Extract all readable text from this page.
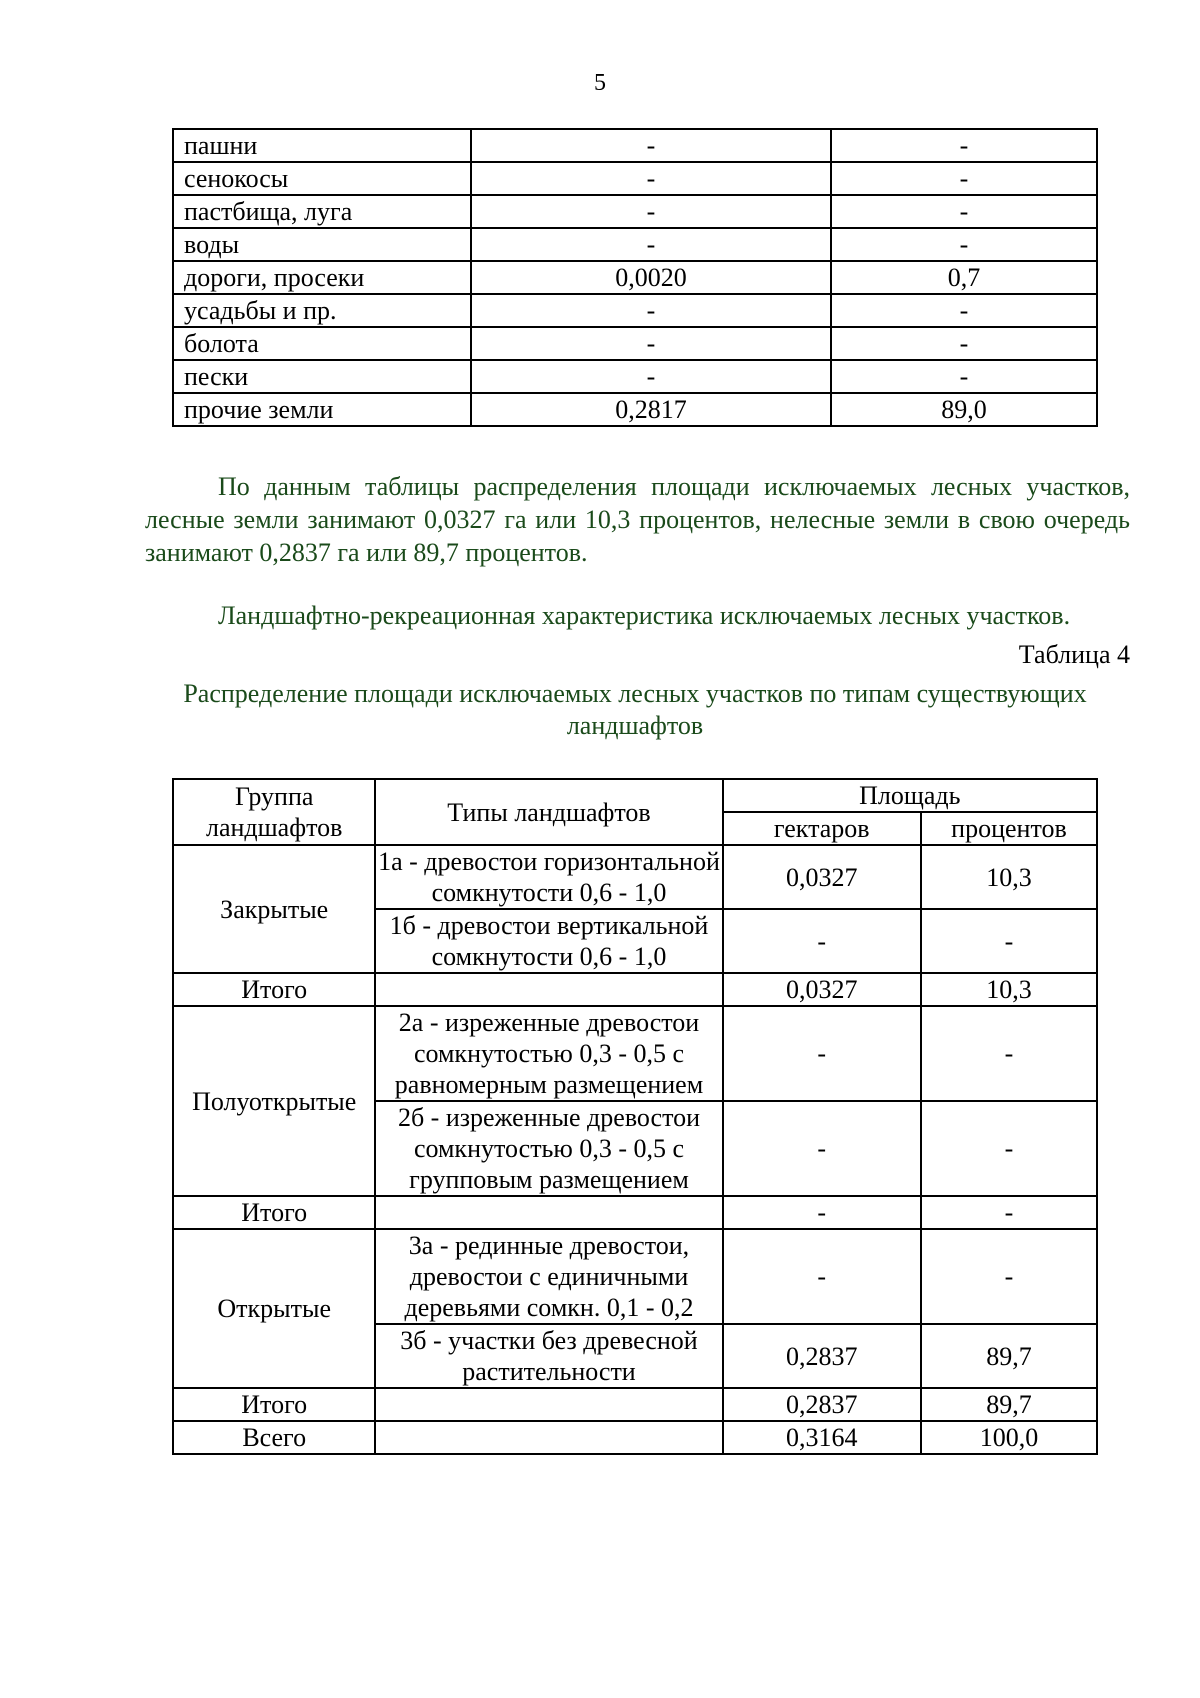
5
пашни	-	-
сенокосы	-	-
пастбища, луга	-	-
воды	-	-
дороги, просеки	0,0020	0,7
усадьбы и пр.	-	-
болота	-	-
пески	-	-
прочие земли	0,2817	89,0

По данным таблицы распределения площади исключаемых лесных участков, лесные земли занимают 0,0327 га или 10,3 процентов, нелесные земли в свою очередь занимают 0,2837 га или 89,7 процентов.

Ландшафтно-рекреационная характеристика исключаемых лесных участков.

Таблица 4
Распределение площади исключаемых лесных участков по типам существующих ландшафтов
Группа ландшафтов	Типы ландшафтов	Площадь	
		гектаров	процентов
Закрытые	1а - древостои горизонтальной сомкнутости 0,6 - 1,0	0,0327	10,3
	1б - древостои вертикальной сомкнутости 0,6 - 1,0	-	-
Итого		0,0327	10,3
Полуоткрытые	2а - изреженные древостои сомкнутостью 0,3 - 0,5 с равномерным размещением	-	-
	2б - изреженные древостои сомкнутостью 0,3 - 0,5 с групповым размещением	-	-
Итого		-	-
Открытые	3а - рединные древостои, древостои с единичными деревьями сомкн. 0,1 - 0,2	-	-
	3б - участки без древесной растительности	0,2837	89,7
Итого		0,2837	89,7
Всего		0,3164	100,0
